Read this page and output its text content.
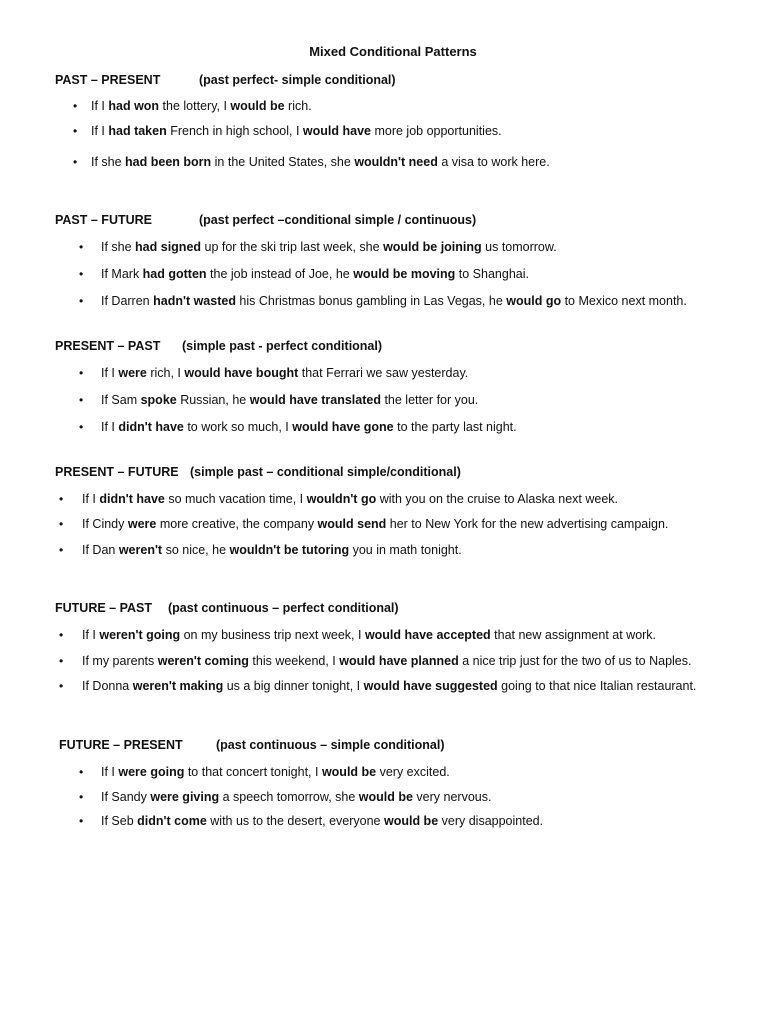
Mixed Conditional Patterns
PAST – PRESENT	(past perfect- simple conditional)
• If I had won the lottery, I would be rich.
• If I had taken French in high school, I would have more job opportunities.
• If she had been born in the United States, she wouldn't need a visa to work here.
PAST – FUTURE	(past perfect –conditional simple / continuous)
• If she had signed up for the ski trip last week, she would be joining us tomorrow.
• If Mark had gotten the job instead of Joe, he would be moving to Shanghai.
• If Darren hadn't wasted his Christmas bonus gambling in Las Vegas, he would go to Mexico next month.
PRESENT – PAST (simple past - perfect conditional)
• If I were rich, I would have bought that Ferrari we saw yesterday.
• If Sam spoke Russian, he would have translated the letter for you.
• If I didn't have to work so much, I would have gone to the party last night.
PRESENT – FUTURE (simple past – conditional simple/conditional)
• If I didn't have so much vacation time, I wouldn't go with you on the cruise to Alaska next week.
• If Cindy were more creative, the company would send her to New York for the new advertising campaign.
• If Dan weren't so nice, he wouldn't be tutoring you in math tonight.
FUTURE – PAST (past continuous – perfect conditional)
• If I weren't going on my business trip next week, I would have accepted that new assignment at work.
• If my parents weren't coming this weekend, I would have planned a nice trip just for the two of us to Naples.
• If Donna weren't making us a big dinner tonight, I would have suggested going to that nice Italian restaurant.
FUTURE – PRESENT	(past continuous – simple conditional)
• If I were going to that concert tonight, I would be very excited.
• If Sandy were giving a speech tomorrow, she would be very nervous.
• If Seb didn't come with us to the desert, everyone would be very disappointed.
